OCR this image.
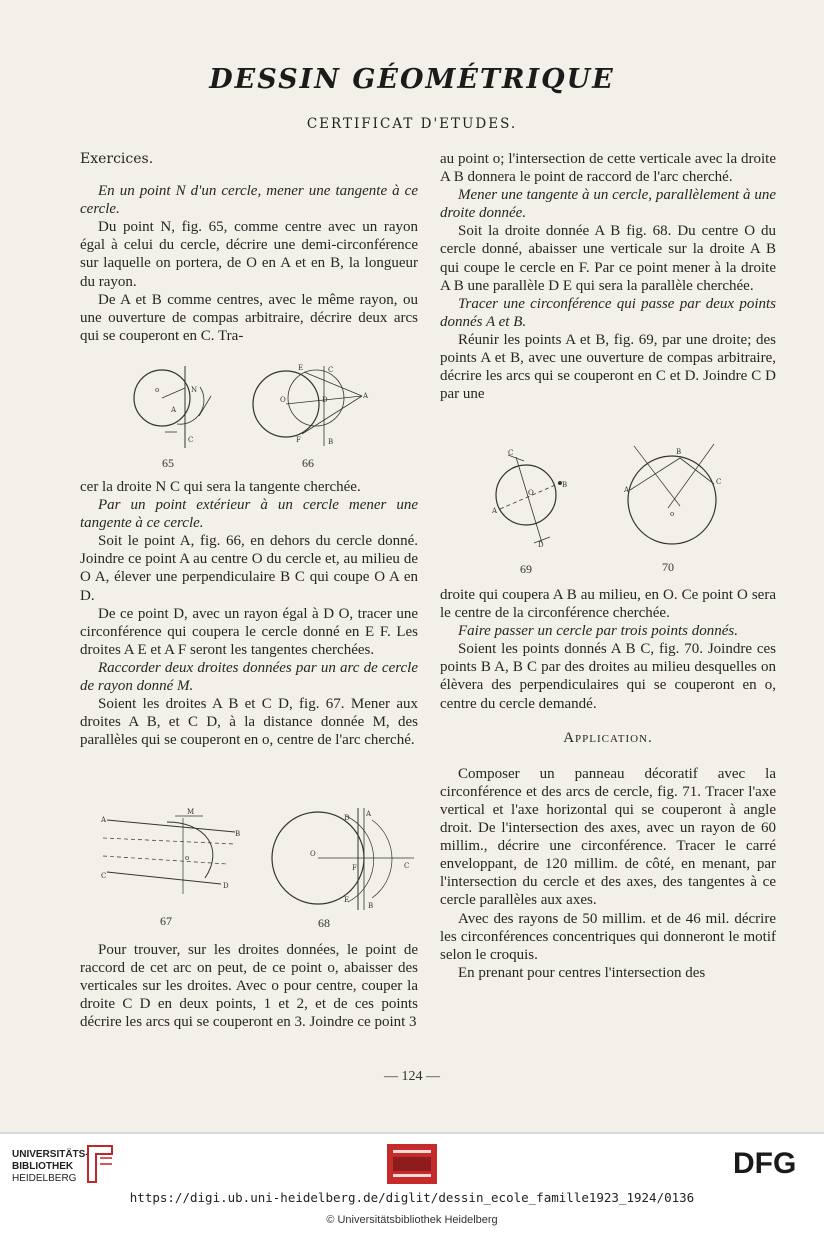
DESSIN GÉOMÉTRIQUE
CERTIFICAT D'ETUDES.

Exercices.

En un point N d'un cercle, mener une tangente à ce cercle.

Du point N, fig. 65, comme centre avec un rayon égal à celui du cercle, décrire une demi-circonférence sur laquelle on portera, de O en A et en B, la longueur du rayon.

De A et B comme centres, avec le même rayon, ou une ouverture de compas arbitraire, décrire deux arcs qui se couperont en C. Tra-

o	N
A
C
65
O	A
D
E
F
C
B
66

cer la droite N C qui sera la tangente cherchée.

Par un point extérieur à un cercle mener une tangente à ce cercle.

Soit le point A, fig. 66, en dehors du cercle donné. Joindre ce point A au centre O du cercle et, au milieu de O A, élever une perpendiculaire B C qui coupe O A en D.

De ce point D, avec un rayon égal à D O, tracer une circonférence qui coupera le cercle donné en E F. Les droites A E et A F seront les tangentes cherchées.

Raccorder deux droites données par un arc de cercle de rayon donné M.

Soient les droites A B et C D, fig. 67. Mener aux droites A B, et C D, à la distance donnée M, des parallèles qui se couperont en o, centre de l'arc cherché.

M
A
B
C
D
o
67
O
D
E
A
B
F	C
68

Pour trouver, sur les droites données, le point de raccord de cet arc on peut, de ce point o, abaisser des verticales sur les droites. Avec o pour centre, couper la droite C D en deux points, 1 et 2, et de ces points décrire les arcs qui se couperont en 3. Joindre ce point 3

au point o; l'intersection de cette verticale avec la droite A B donnera le point de raccord de l'arc cherché.

Mener une tangente à un cercle, parallèlement à une droite donnée.

Soit la droite donnée A B fig. 68. Du centre O du cercle donné, abaisser une verticale sur la droite A B qui coupe le cercle en F. Par ce point mener à la droite A B une parallèle D E qui sera la parallèle cherchée.

Tracer une circonférence qui passe par deux points donnés A et B.

Réunir les points A et B, fig. 69, par une droite; des points A et B, avec une ouverture de compas arbitraire, décrire les arcs qui se couperont en C et D. Joindre C D par une

C
A
B
O
D
69
A
B
C
o
70

droite qui coupera A B au milieu, en O. Ce point O sera le centre de la circonférence cherchée.

Faire passer un cercle par trois points donnés.

Soient les points donnés A B C, fig. 70. Joindre ces points B A, B C par des droites au milieu desquelles on élèvera des perpendiculaires qui se couperont en o, centre du cercle demandé.

Application.

Composer un panneau décoratif avec la circonférence et des arcs de cercle, fig. 71. Tracer l'axe vertical et l'axe horizontal qui se couperont à angle droit. De l'intersection des axes, avec un rayon de 60 millim., décrire une circonférence. Tracer le carré enveloppant, de 120 millim. de côté, en menant, par l'intersection du cercle et des axes, des tangentes à ce cercle parallèles aux axes.

Avec des rayons de 50 millim. et de 46 mil. décrire les circonférences concentriques qui donneront le motif selon le croquis.

En prenant pour centres l'intersection des

— 124 —
UNIVERSITÄTS-
BIBLIOTHEK
HEIDELBERG	DFG
https://digi.ub.uni-heidelberg.de/diglit/dessin_ecole_famille1923_1924/0136
© Universitätsbibliothek Heidelberg
